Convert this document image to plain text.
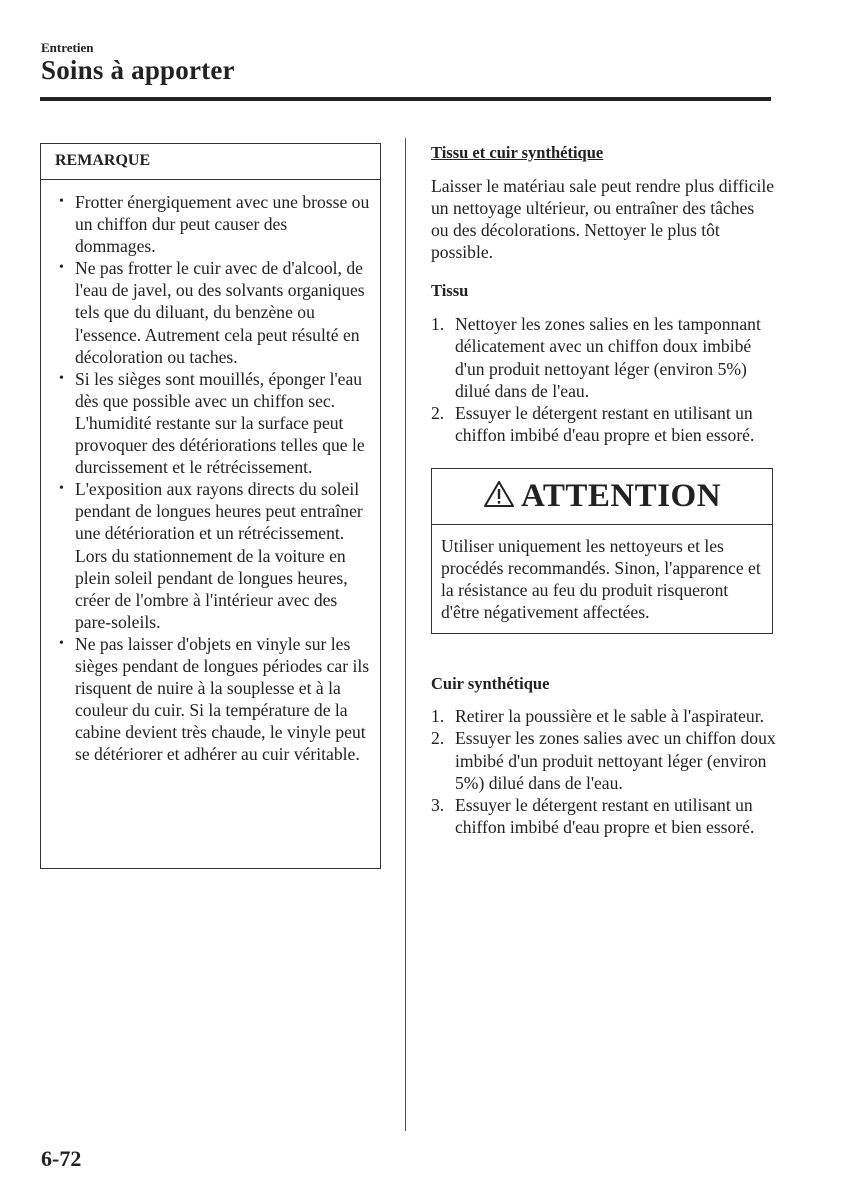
Entretien
Soins à apporter
REMARQUE
• Frotter énergiquement avec une brosse ou un chiffon dur peut causer des dommages.
• Ne pas frotter le cuir avec de d'alcool, de l'eau de javel, ou des solvants organiques tels que du diluant, du benzène ou l'essence. Autrement cela peut résulté en décoloration ou taches.
• Si les sièges sont mouillés, éponger l'eau dès que possible avec un chiffon sec. L'humidité restante sur la surface peut provoquer des détériorations telles que le durcissement et le rétrécissement.
• L'exposition aux rayons directs du soleil pendant de longues heures peut entraîner une détérioration et un rétrécissement. Lors du stationnement de la voiture en plein soleil pendant de longues heures, créer de l'ombre à l'intérieur avec des pare-soleils.
• Ne pas laisser d'objets en vinyle sur les sièges pendant de longues périodes car ils risquent de nuire à la souplesse et à la couleur du cuir. Si la température de la cabine devient très chaude, le vinyle peut se détériorer et adhérer au cuir véritable.
Tissu et cuir synthétique

Laisser le matériau sale peut rendre plus difficile un nettoyage ultérieur, ou entraîner des tâches ou des décolorations. Nettoyer le plus tôt possible.

Tissu
1. Nettoyer les zones salies en les tamponnant délicatement avec un chiffon doux imbibé d'un produit nettoyant léger (environ 5%) dilué dans de l'eau.
2. Essuyer le détergent restant en utilisant un chiffon imbibé d'eau propre et bien essoré.
ATTENTION
Utiliser uniquement les nettoyeurs et les procédés recommandés. Sinon, l'apparence et la résistance au feu du produit risqueront d'être négativement affectées.
Cuir synthétique
1. Retirer la poussière et le sable à l'aspirateur.
2. Essuyer les zones salies avec un chiffon doux imbibé d'un produit nettoyant léger (environ 5%) dilué dans de l'eau.
3. Essuyer le détergent restant en utilisant un chiffon imbibé d'eau propre et bien essoré.
6-72
